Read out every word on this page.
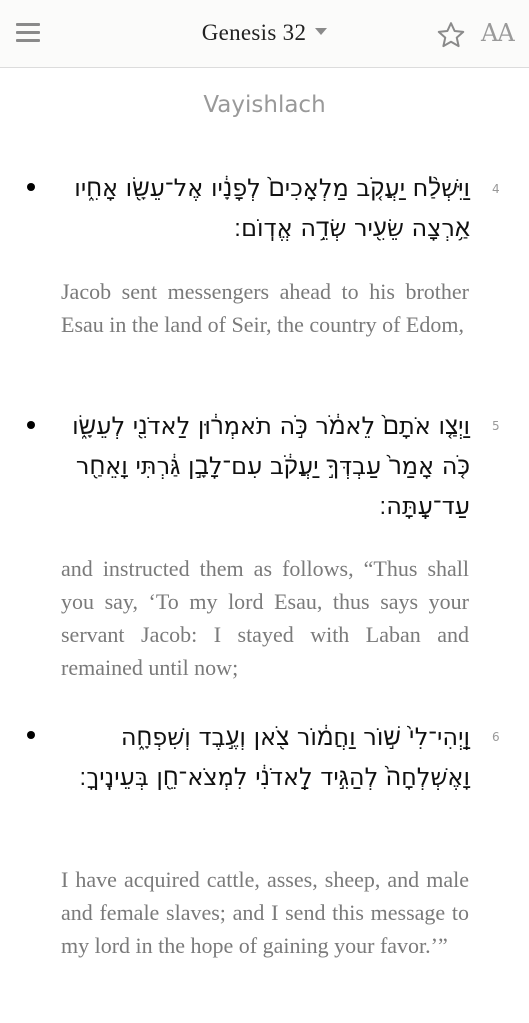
Genesis 32	AA
Vayishlach
4
וַיִּשְׁלַ֨ח יַעֲקֹ֤ב מַלְאָכִים֙ לְפָנָ֔יו אֶל־עֵשָׂ֖ו אָחִ֑יו אַ֥רְצָה שֵׂעִ֖יר שְׂדֵ֥ה אֱדֽוֹם׃
Jacob sent messengers ahead to his brother Esau in the land of Seir, the country of Edom,
5
וַיְצַ֤ו אֹתָם֙ לֵאמֹ֔ר כֹּ֣ה תֹאמְר֔וּן לַאדֹנִ֖י לְעֵשָׂ֑ו כֹּ֤ה אָמַר֙ עַבְדְּךָ֣ יַעֲקֹ֔ב עִם־לָבָ֣ן גַּ֔רְתִּי וָאֵחַ֖ר עַד־עָֽתָּה׃
and instructed them as follows, “Thus shall you say, ‘To my lord Esau, thus says your servant Jacob: I stayed with Laban and remained until now;
6
וַֽיְהִי־לִי֙ שׁ֣וֹר וַחֲמ֔וֹר צֹ֖אן וְעֶ֣בֶד וְשִׁפְחָ֑ה וָאֶשְׁלְחָה֙ לְהַגִּ֣יד לַֽאדֹנִ֔י לִמְצֹא־חֵ֖ן בְּעֵינֶֽיךָ׃
I have acquired cattle, asses, sheep, and male and female slaves; and I send this message to my lord in the hope of gaining your favor.’”
